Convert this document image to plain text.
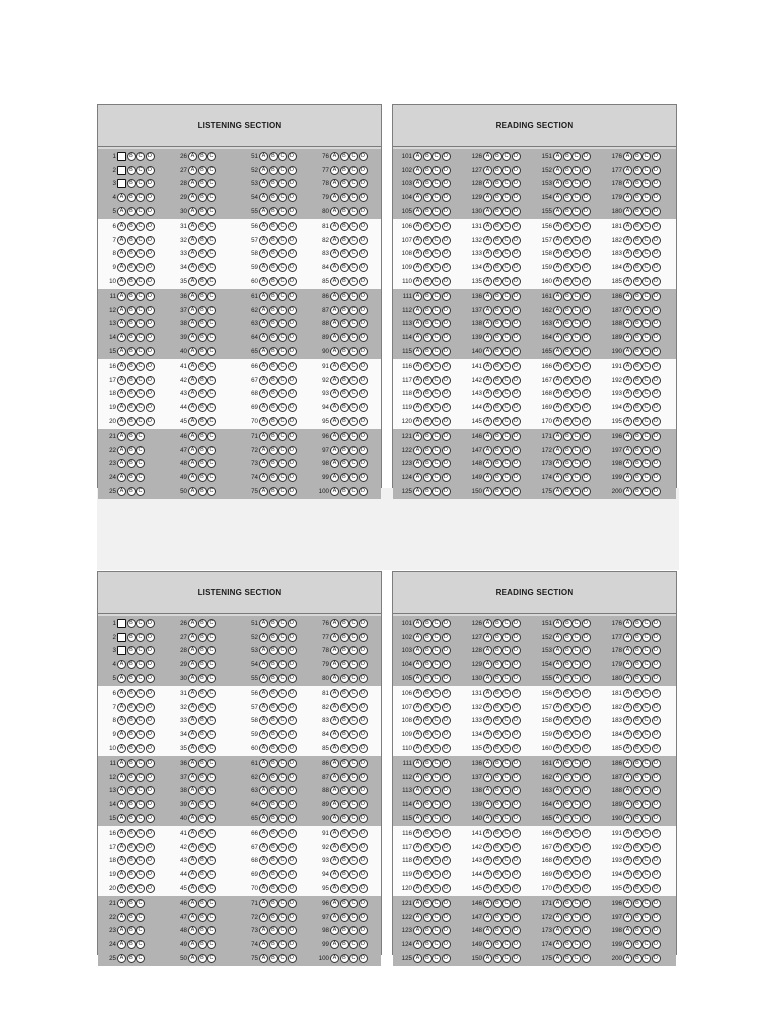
LISTENING SECTION
1	B	C	D	26 A	B	C	51 A	B	C	D	76 A	B	C	D
2	B	C	D	27 A	B	C	52 A	B	C	D	77 A	B	C	D
3	B	C	D	28 A	B	C	53 A	B	C	D	78 A	B	C	D
4 A	B	C	D	29 A	B	C	54 A	B	C	D	79 A	B	C	D
5 A	B	C	D	30 A	B	C	55 A	B	C	D	80 A	B	C	D
6 A	B	C	D	31 A	B	C	56 A	B	C	D	81 A	B	C	D
7 A	B	C	D	32 A	B	C	57 A	B	C	D	82 A	B	C	D
8 A	B	C	D	33 A	B	C	58 A	B	C	D	83 A	B	C	D
9 A	B	C	D	34 A	B	C	59 A	B	C	D	84 A	B	C	D
10 A	B	C	D	35 A	B	C	60 A	B	C	D	85 A	B	C	D
11 A	B	C	D	36 A	B	C	61 A	B	C	D	86 A	B	C	D
12 A	B	C	D	37 A	B	C	62 A	B	C	D	87 A	B	C	D
13 A	B	C	D	38 A	B	C	63 A	B	C	D	88 A	B	C	D
14 A	B	C	D	39 A	B	C	64 A	B	C	D	89 A	B	C	D
15 A	B	C	D	40 A	B	C	65 A	B	C	D	90 A	B	C	D
16 A	B	C	D	41 A	B	C	66 A	B	C	D	91 A	B	C	D
17 A	B	C	D	42 A	B	C	67 A	B	C	D	92 A	B	C	D
18 A	B	C	D	43 A	B	C	68 A	B	C	D	93 A	B	C	D
19 A	B	C	D	44 A	B	C	69 A	B	C	D	94 A	B	C	D
20 A	B	C	D	45 A	B	C	70 A	B	C	D	95 A	B	C	D
21 A	B	C	46 A	B	C	71 A	B	C	D	96 A	B	C	D
22 A	B	C	47 A	B	C	72 A	B	C	D	97 A	B	C	D
23 A	B	C	48 A	B	C	73 A	B	C	D	98 A	B	C	D
24 A	B	C	49 A	B	C	74 A	B	C	D	99 A	B	C	D
25 A	B	C	50 A	B	C	75 A	B	C	D	100 A	B	C	D
READING SECTION
101 A	B	C	D	126 A	B	C	D	151 A	B	C	D	176 A	B	C	D
102 A	B	C	D	127 A	B	C	D	152 A	B	C	D	177 A	B	C	D
103 A	B	C	D	128 A	B	C	D	153 A	B	C	D	178 A	B	C	D
104 A	B	C	D	129 A	B	C	D	154 A	B	C	D	179 A	B	C	D
105 A	B	C	D	130 A	B	C	D	155 A	B	C	D	180 A	B	C	D
106 A	B	C	D	131 A	B	C	D	156 A	B	C	D	181 A	B	C	D
107 A	B	C	D	132 A	B	C	D	157 A	B	C	D	182 A	B	C	D
108 A	B	C	D	133 A	B	C	D	158 A	B	C	D	183 A	B	C	D
109 A	B	C	D	134 A	B	C	D	159 A	B	C	D	184 A	B	C	D
110 A	B	C	D	135 A	B	C	D	160 A	B	C	D	185 A	B	C	D
111 A	B	C	D	136 A	B	C	D	161 A	B	C	D	186 A	B	C	D
112 A	B	C	D	137 A	B	C	D	162 A	B	C	D	187 A	B	C	D
113 A	B	C	D	138 A	B	C	D	163 A	B	C	D	188 A	B	C	D
114 A	B	C	D	139 A	B	C	D	164 A	B	C	D	189 A	B	C	D
115 A	B	C	D	140 A	B	C	D	165 A	B	C	D	190 A	B	C	D
116 A	B	C	D	141 A	B	C	D	166 A	B	C	D	191 A	B	C	D
117 A	B	C	D	142 A	B	C	D	167 A	B	C	D	192 A	B	C	D
118 A	B	C	D	143 A	B	C	D	168 A	B	C	D	193 A	B	C	D
119 A	B	C	D	144 A	B	C	D	169 A	B	C	D	194 A	B	C	D
120 A	B	C	D	145 A	B	C	D	170 A	B	C	D	195 A	B	C	D
121 A	B	C	D	146 A	B	C	D	171 A	B	C	D	196 A	B	C	D
122 A	B	C	D	147 A	B	C	D	172 A	B	C	D	197 A	B	C	D
123 A	B	C	D	148 A	B	C	D	173 A	B	C	D	198 A	B	C	D
124 A	B	C	D	149 A	B	C	D	174 A	B	C	D	199 A	B	C	D
125 A	B	C	D	150 A	B	C	D	175 A	B	C	D	200 A	B	C	D
LISTENING SECTION
1	B	C	D	26 A	B	C	51 A	B	C	D	76 A	B	C	D
2	B	C	D	27 A	B	C	52 A	B	C	D	77 A	B	C	D
3	B	C	D	28 A	B	C	53 A	B	C	D	78 A	B	C	D
4 A	B	C	D	29 A	B	C	54 A	B	C	D	79 A	B	C	D
5 A	B	C	D	30 A	B	C	55 A	B	C	D	80 A	B	C	D
6 A	B	C	D	31 A	B	C	56 A	B	C	D	81 A	B	C	D
7 A	B	C	D	32 A	B	C	57 A	B	C	D	82 A	B	C	D
8 A	B	C	D	33 A	B	C	58 A	B	C	D	83 A	B	C	D
9 A	B	C	D	34 A	B	C	59 A	B	C	D	84 A	B	C	D
10 A	B	C	D	35 A	B	C	60 A	B	C	D	85 A	B	C	D
11 A	B	C	D	36 A	B	C	61 A	B	C	D	86 A	B	C	D
12 A	B	C	D	37 A	B	C	62 A	B	C	D	87 A	B	C	D
13 A	B	C	D	38 A	B	C	63 A	B	C	D	88 A	B	C	D
14 A	B	C	D	39 A	B	C	64 A	B	C	D	89 A	B	C	D
15 A	B	C	D	40 A	B	C	65 A	B	C	D	90 A	B	C	D
16 A	B	C	D	41 A	B	C	66 A	B	C	D	91 A	B	C	D
17 A	B	C	D	42 A	B	C	67 A	B	C	D	92 A	B	C	D
18 A	B	C	D	43 A	B	C	68 A	B	C	D	93 A	B	C	D
19 A	B	C	D	44 A	B	C	69 A	B	C	D	94 A	B	C	D
20 A	B	C	D	45 A	B	C	70 A	B	C	D	95 A	B	C	D
21 A	B	C	46 A	B	C	71 A	B	C	D	96 A	B	C	D
22 A	B	C	47 A	B	C	72 A	B	C	D	97 A	B	C	D
23 A	B	C	48 A	B	C	73 A	B	C	D	98 A	B	C	D
24 A	B	C	49 A	B	C	74 A	B	C	D	99 A	B	C	D
25 A	B	C	50 A	B	C	75 A	B	C	D	100 A	B	C	D
READING SECTION
101 A	B	C	D	126 A	B	C	D	151 A	B	C	D	176 A	B	C	D
102 A	B	C	D	127 A	B	C	D	152 A	B	C	D	177 A	B	C	D
103 A	B	C	D	128 A	B	C	D	153 A	B	C	D	178 A	B	C	D
104 A	B	C	D	129 A	B	C	D	154 A	B	C	D	179 A	B	C	D
105 A	B	C	D	130 A	B	C	D	155 A	B	C	D	180 A	B	C	D
106 A	B	C	D	131 A	B	C	D	156 A	B	C	D	181 A	B	C	D
107 A	B	C	D	132 A	B	C	D	157 A	B	C	D	182 A	B	C	D
108 A	B	C	D	133 A	B	C	D	158 A	B	C	D	183 A	B	C	D
109 A	B	C	D	134 A	B	C	D	159 A	B	C	D	184 A	B	C	D
110 A	B	C	D	135 A	B	C	D	160 A	B	C	D	185 A	B	C	D
111 A	B	C	D	136 A	B	C	D	161 A	B	C	D	186 A	B	C	D
112 A	B	C	D	137 A	B	C	D	162 A	B	C	D	187 A	B	C	D
113 A	B	C	D	138 A	B	C	D	163 A	B	C	D	188 A	B	C	D
114 A	B	C	D	139 A	B	C	D	164 A	B	C	D	189 A	B	C	D
115 A	B	C	D	140 A	B	C	D	165 A	B	C	D	190 A	B	C	D
116 A	B	C	D	141 A	B	C	D	166 A	B	C	D	191 A	B	C	D
117 A	B	C	D	142 A	B	C	D	167 A	B	C	D	192 A	B	C	D
118 A	B	C	D	143 A	B	C	D	168 A	B	C	D	193 A	B	C	D
119 A	B	C	D	144 A	B	C	D	169 A	B	C	D	194 A	B	C	D
120 A	B	C	D	145 A	B	C	D	170 A	B	C	D	195 A	B	C	D
121 A	B	C	D	146 A	B	C	D	171 A	B	C	D	196 A	B	C	D
122 A	B	C	D	147 A	B	C	D	172 A	B	C	D	197 A	B	C	D
123 A	B	C	D	148 A	B	C	D	173 A	B	C	D	198 A	B	C	D
124 A	B	C	D	149 A	B	C	D	174 A	B	C	D	199 A	B	C	D
125 A	B	C	D	150 A	B	C	D	175 A	B	C	D	200 A	B	C	D
